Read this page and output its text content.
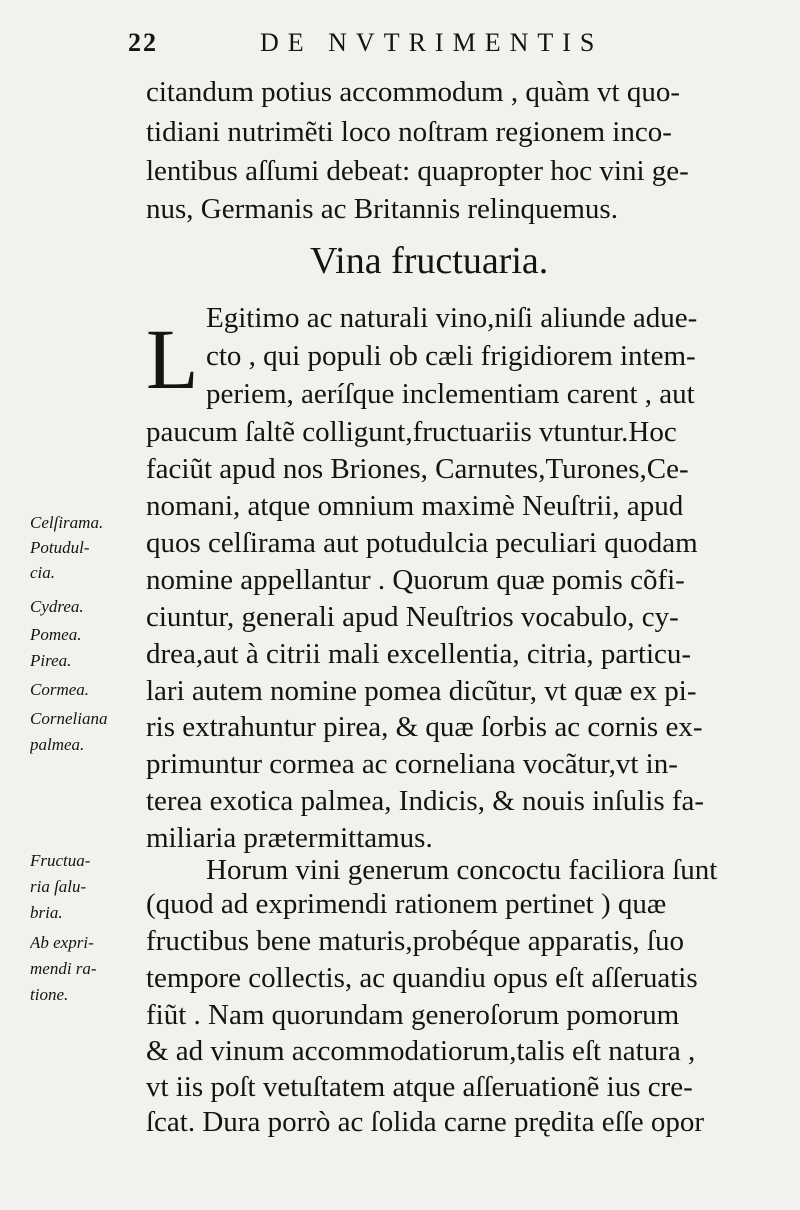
22	DE NVTRIMENTIS
citandum potius accommodum , quàm vt quo-
tidiani nutrimẽti loco noſtram regionem inco-
lentibus aſſumi debeat: quapropter hoc vini ge-
nus, Germanis ac Britannis relinquemus.
Vina fructuaria.
L Egitimo ac naturali vino,niſi aliunde adue-
cto , qui populi ob cæli frigidiorem intem-
periem, aeríſque inclementiam carent , aut
paucum ſaltẽ colligunt,fructuariis vtuntur.Hoc
faciũt apud nos Briones, Carnutes,Turones,Ce-
nomani, atque omnium maximè Neuſtrii, apud
quos celſirama aut potudulcia peculiari quodam
nomine appellantur . Quorum quæ pomis cõfi-
ciuntur, generali apud Neuſtrios vocabulo, cy-
drea,aut à citrii mali excellentia, citria, particu-
lari autem nomine pomea dicũtur, vt quæ ex pi-
ris extrahuntur pirea, & quæ ſorbis ac cornis ex-
primuntur cormea ac corneliana vocãtur,vt in-
terea exotica palmea, Indicis, & nouis inſulis fa-
miliaria prætermittamus.
Horum vini generum concoctu faciliora ſunt
(quod ad exprimendi rationem pertinet ) quæ
fructibus bene maturis,probéque apparatis, ſuo
tempore collectis, ac quandiu opus eſt aſſeruatis
fiũt . Nam quorundam generoſorum pomorum
& ad vinum accommodatiorum,talis eſt natura ,
vt iis poſt vetuſtatem atque aſſeruationẽ ius cre-
ſcat. Dura porrò ac ſolida carne prędita eſſe opor
Celſirama.
Potudul-
cia.
Cydrea.
Pomea.
Pirea.
Cormea.
Corneliana
palmea.
Fructua-
ria ſalu-
bria.
Ab expri-
mendi ra-
tione.
